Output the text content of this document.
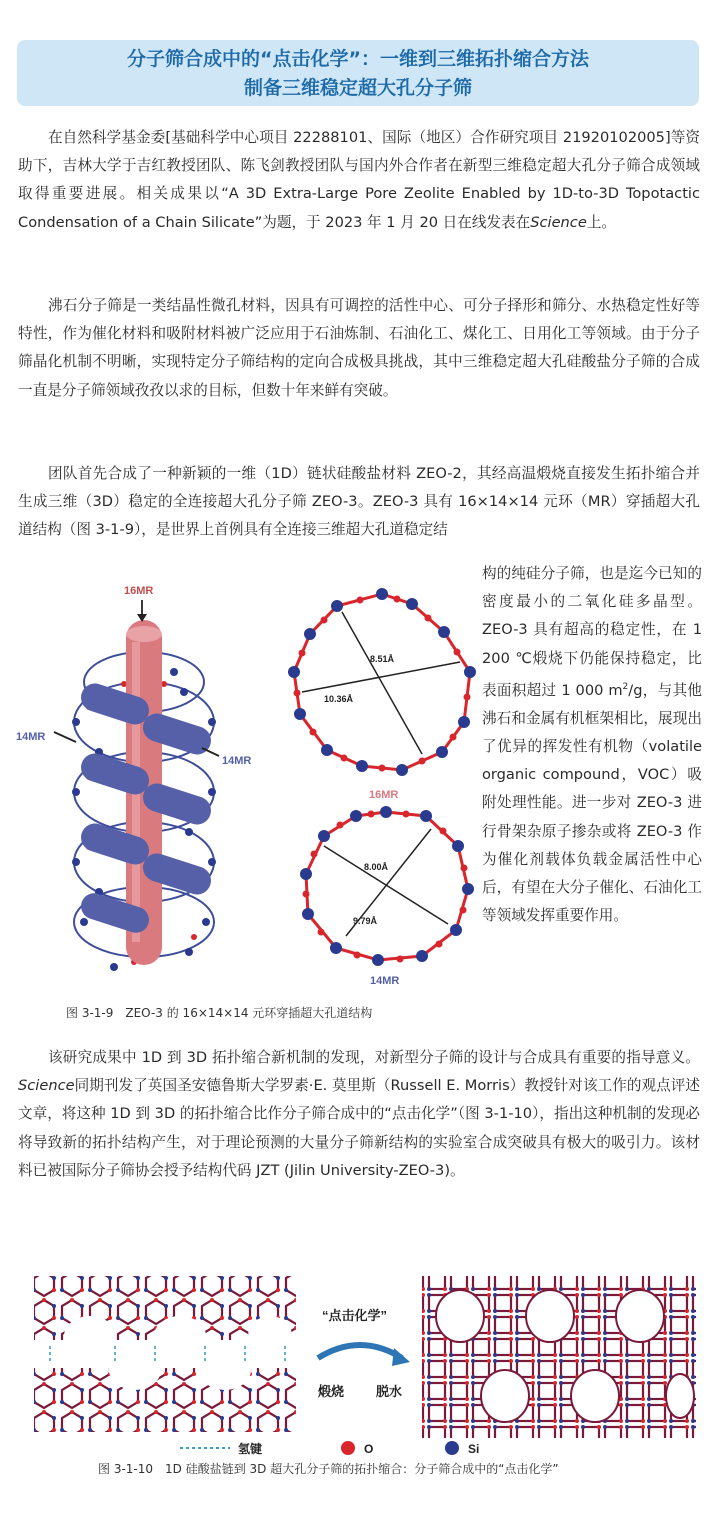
分子筛合成中的“点击化学”：一维到三维拓扑缩合方法
制备三维稳定超大孔分子筛

在自然科学基金委[基础科学中心项目 22288101、国际（地区）合作研究项目 21920102005]等资助下，吉林大学于吉红教授团队、陈飞剑教授团队与国内外合作者在新型三维稳定超大孔分子筛合成领域取得重要进展。相关成果以“A 3D Extra-Large Pore Zeolite Enabled by 1D-to-3D Topotactic Condensation of a Chain Silicate”为题，于 2023 年 1 月 20 日在线发表在Science上。

沸石分子筛是一类结晶性微孔材料，因具有可调控的活性中心、可分子择形和筛分、水热稳定性好等特性，作为催化材料和吸附材料被广泛应用于石油炼制、石油化工、煤化工、日用化工等领域。由于分子筛晶化机制不明晰，实现特定分子筛结构的定向合成极具挑战，其中三维稳定超大孔硅酸盐分子筛的合成一直是分子筛领域孜孜以求的目标，但数十年来鲜有突破。

团队首先合成了一种新颖的一维（1D）链状硅酸盐材料 ZEO-2，其经高温煅烧直接发生拓扑缩合并生成三维（3D）稳定的全连接超大孔分子筛 ZEO-3。ZEO-3 具有 16×14×14 元环（MR）穿插超大孔道结构（图 3-1-9），是世界上首例具有全连接三维超大孔道稳定结

构的纯硅分子筛，也是迄今已知的密度最小的二氧化硅多晶型。ZEO-3 具有超高的稳定性，在 1 200 ℃煅烧下仍能保持稳定，比表面积超过 1 000 $m^2/g$，与其他沸石和金属有机框架相比，展现出了优异的挥发性有机物（volatile organic compound，VOC）吸附处理性能。进一步对 ZEO-3 进行骨架杂原子掺杂或将 ZEO-3 作为催化剂载体负载金属活性中心后，有望在大分子催化、石油化工等领域发挥重要作用。
16MR
14MR
14MR
8.51Å
10.36Å
16MR
8.00Å
9.79Å
14MR
图 3-1-9　ZEO-3 的 16×14×14 元环穿插超大孔道结构

该研究成果中 1D 到 3D 拓扑缩合新机制的发现，对新型分子筛的设计与合成具有重要的指导意义。Science同期刊发了英国圣安德鲁斯大学罗素·E. 莫里斯（Russell E. Morris）教授针对该工作的观点评述文章，将这种 1D 到 3D 的拓扑缩合比作分子筛合成中的“点击化学”（图 3-1-10），指出这种机制的发现必将导致新的拓扑结构产生，对于理论预测的大量分子筛新结构的实验室合成突破具有极大的吸引力。该材料已被国际分子筛协会授予结构代码 JZT (Jilin University-ZEO-3)。

“点击化学”
煅烧 脱水
氢键	O	Si
图 3-1-10　1D 硅酸盐链到 3D 超大孔分子筛的拓扑缩合：分子筛合成中的“点击化学”
